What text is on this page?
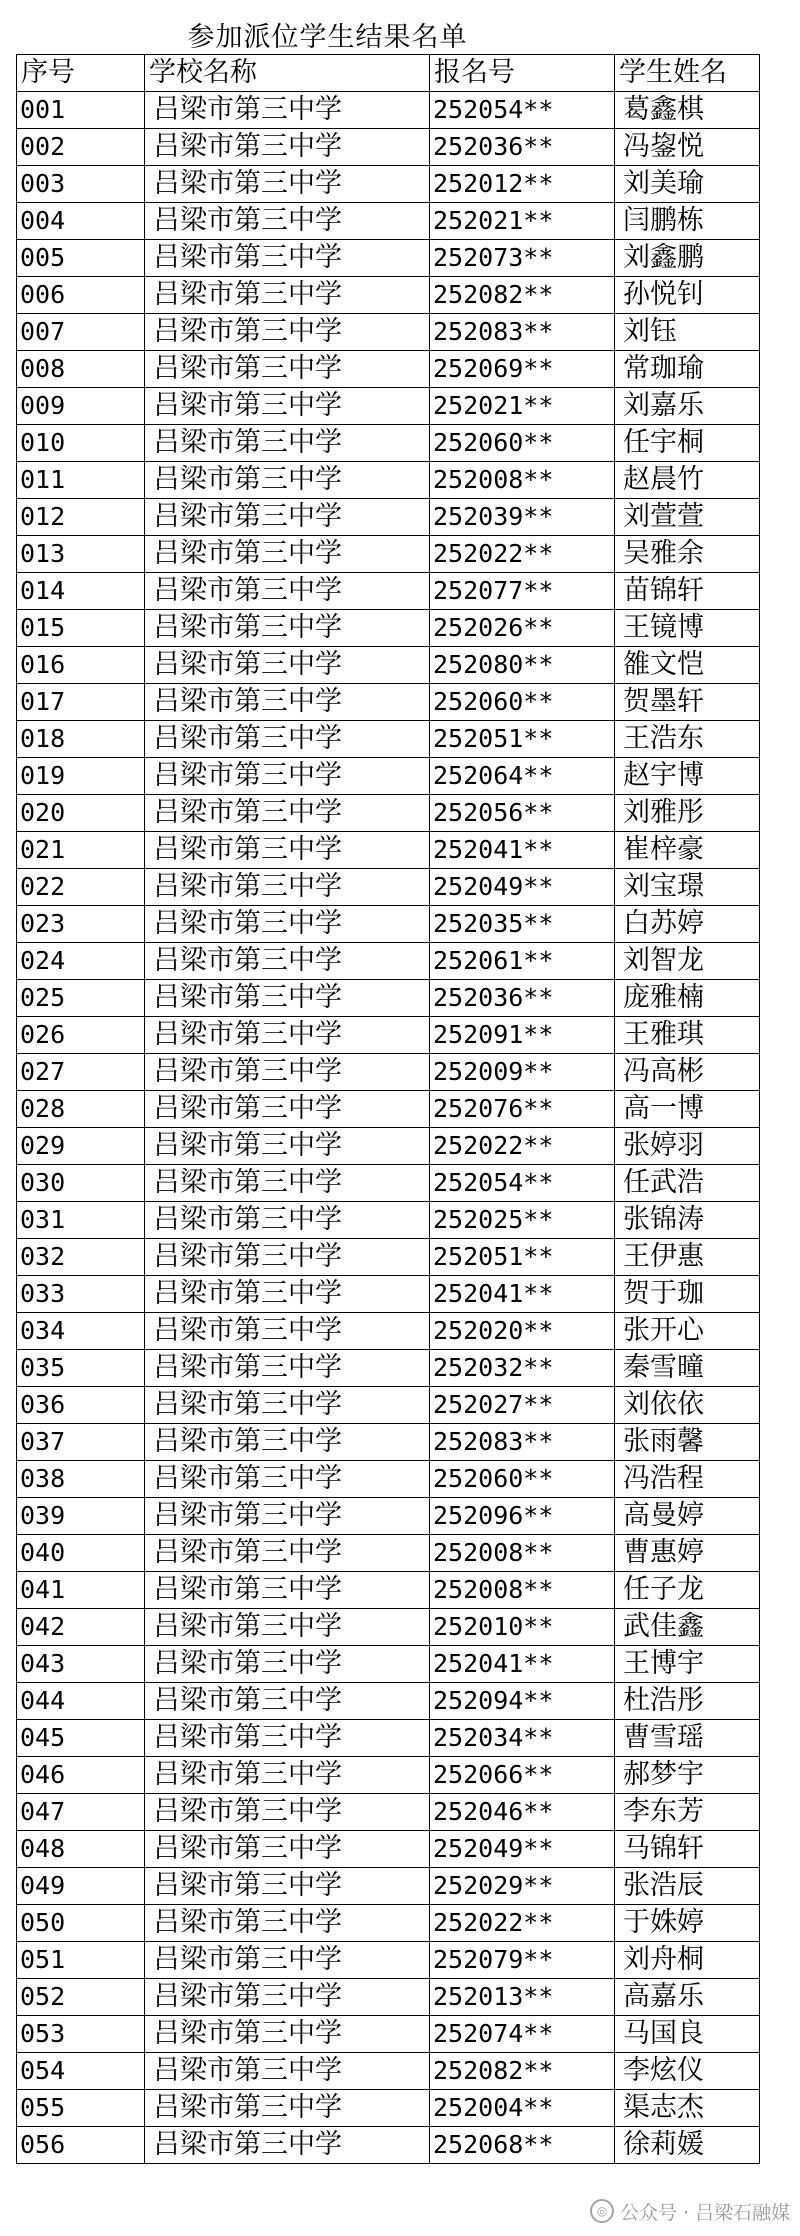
参加派位学生结果名单
序号	学校名称	报名号	学生姓名
001	吕梁市第三中学	252054**	葛鑫棋
002	吕梁市第三中学	252036**	冯鋆悦
003	吕梁市第三中学	252012**	刘美瑜
004	吕梁市第三中学	252021**	闫鹏栋
005	吕梁市第三中学	252073**	刘鑫鹏
006	吕梁市第三中学	252082**	孙悦钊
007	吕梁市第三中学	252083**	刘钰
008	吕梁市第三中学	252069**	常珈瑜
009	吕梁市第三中学	252021**	刘嘉乐
010	吕梁市第三中学	252060**	任宇桐
011	吕梁市第三中学	252008**	赵晨竹
012	吕梁市第三中学	252039**	刘萱萱
013	吕梁市第三中学	252022**	吴雅余
014	吕梁市第三中学	252077**	苗锦轩
015	吕梁市第三中学	252026**	王镜博
016	吕梁市第三中学	252080**	雒文恺
017	吕梁市第三中学	252060**	贺墨轩
018	吕梁市第三中学	252051**	王浩东
019	吕梁市第三中学	252064**	赵宇博
020	吕梁市第三中学	252056**	刘雅彤
021	吕梁市第三中学	252041**	崔梓豪
022	吕梁市第三中学	252049**	刘宝璟
023	吕梁市第三中学	252035**	白苏婷
024	吕梁市第三中学	252061**	刘智龙
025	吕梁市第三中学	252036**	庞雅楠
026	吕梁市第三中学	252091**	王雅琪
027	吕梁市第三中学	252009**	冯高彬
028	吕梁市第三中学	252076**	高一博
029	吕梁市第三中学	252022**	张婷羽
030	吕梁市第三中学	252054**	任武浩
031	吕梁市第三中学	252025**	张锦涛
032	吕梁市第三中学	252051**	王伊惠
033	吕梁市第三中学	252041**	贺于珈
034	吕梁市第三中学	252020**	张开心
035	吕梁市第三中学	252032**	秦雪曈
036	吕梁市第三中学	252027**	刘依依
037	吕梁市第三中学	252083**	张雨馨
038	吕梁市第三中学	252060**	冯浩程
039	吕梁市第三中学	252096**	高曼婷
040	吕梁市第三中学	252008**	曹惠婷
041	吕梁市第三中学	252008**	任子龙
042	吕梁市第三中学	252010**	武佳鑫
043	吕梁市第三中学	252041**	王博宇
044	吕梁市第三中学	252094**	杜浩彤
045	吕梁市第三中学	252034**	曹雪瑶
046	吕梁市第三中学	252066**	郝梦宇
047	吕梁市第三中学	252046**	李东芳
048	吕梁市第三中学	252049**	马锦轩
049	吕梁市第三中学	252029**	张浩辰
050	吕梁市第三中学	252022**	于姝婷
051	吕梁市第三中学	252079**	刘舟桐
052	吕梁市第三中学	252013**	高嘉乐
053	吕梁市第三中学	252074**	马国良
054	吕梁市第三中学	252082**	李炫仪
055	吕梁市第三中学	252004**	渠志杰
056	吕梁市第三中学	252068**	徐莉媛
◎ 公众号 · 吕梁石融媒
